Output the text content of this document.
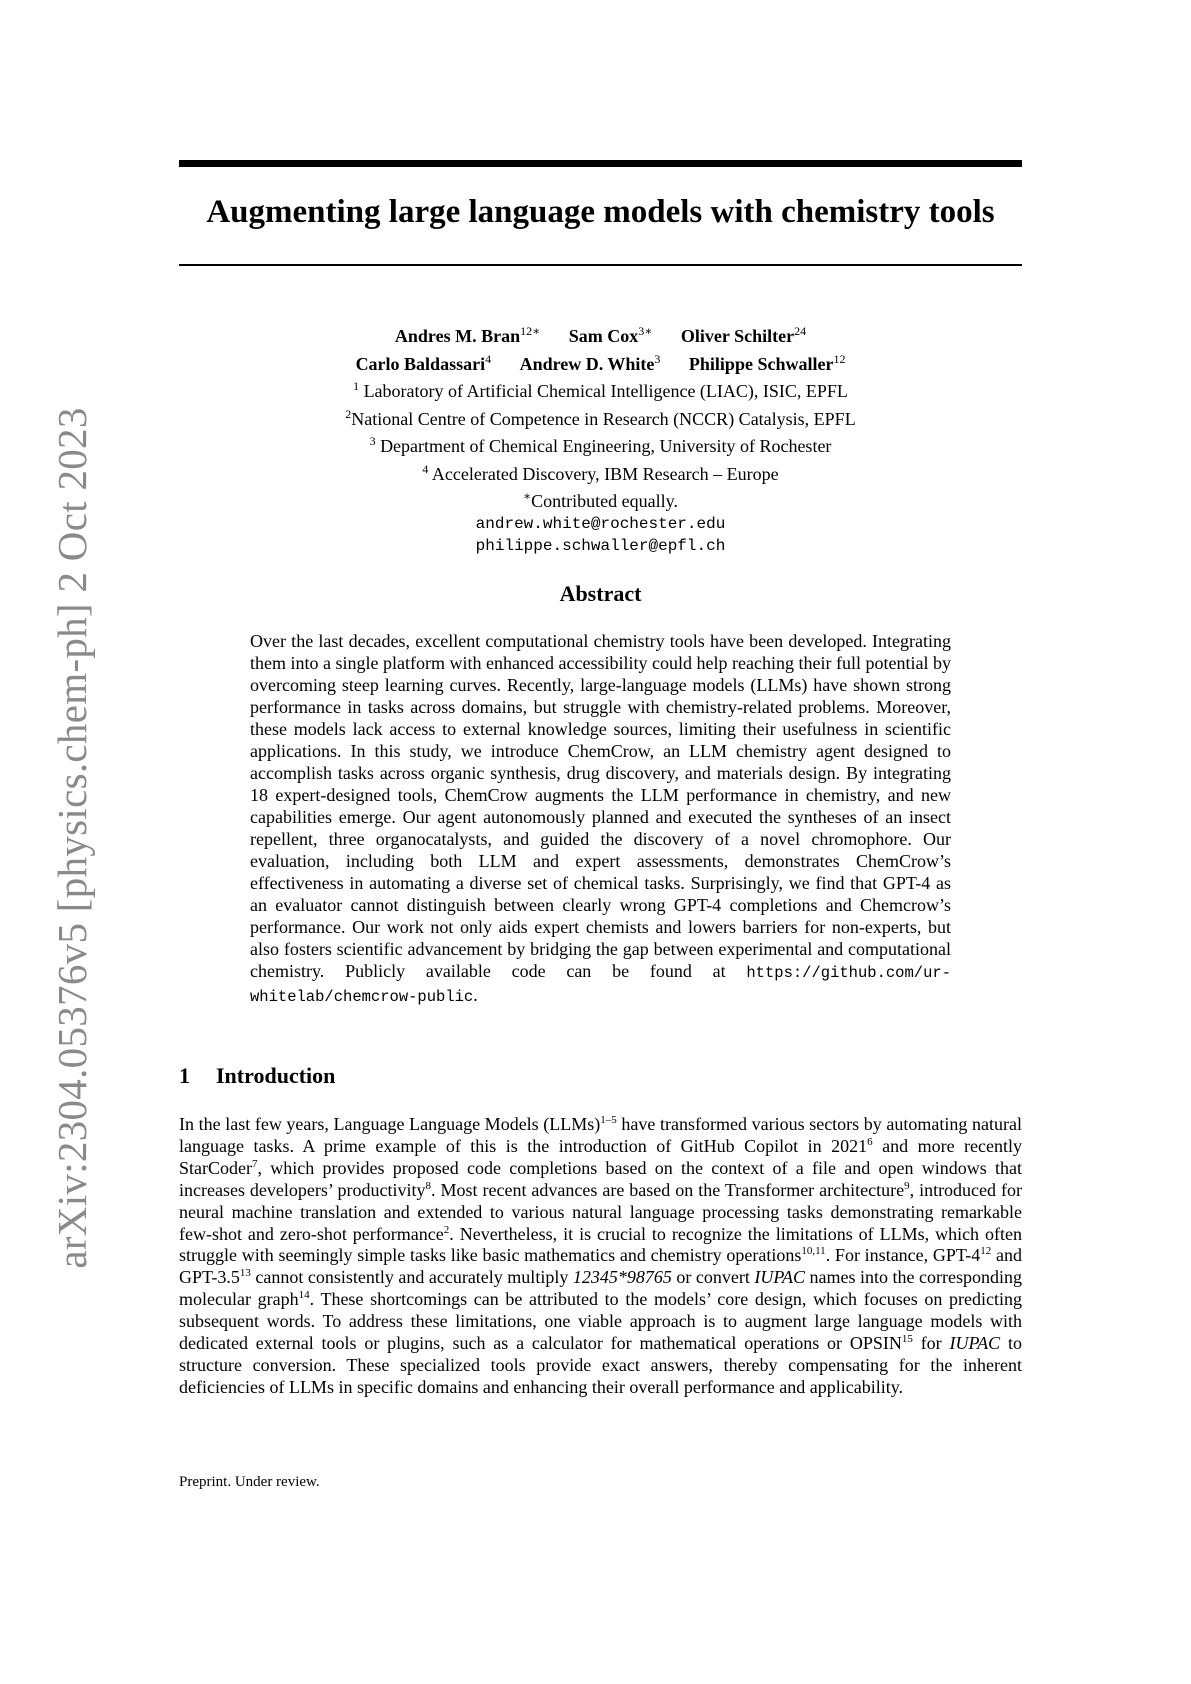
arXiv:2304.05376v5 [physics.chem-ph] 2 Oct 2023
Augmenting large language models with chemistry tools
Andres M. Bran$^{12∗}$ Sam Cox$^{3∗}$ Oliver Schilter$^{24}$
Carlo Baldassari$^4$ Andrew D. White$^3$ Philippe Schwaller$^{12}$
$^1$ Laboratory of Artificial Chemical Intelligence (LIAC), ISIC, EPFL
$^2$National Centre of Competence in Research (NCCR) Catalysis, EPFL
$^3$ Department of Chemical Engineering, University of Rochester
$^4$ Accelerated Discovery, IBM Research – Europe
∗Contributed equally.
andrew.white@rochester.edu
philippe.schwaller@epfl.ch
Abstract

Over the last decades, excellent computational chemistry tools have been developed. Integrating them into a single platform with enhanced accessibility could help reaching their full potential by overcoming steep learning curves. Recently, large-language models (LLMs) have shown strong performance in tasks across domains, but struggle with chemistry-related problems. Moreover, these models lack access to external knowledge sources, limiting their usefulness in scientific applications. In this study, we introduce ChemCrow, an LLM chemistry agent designed to accomplish tasks across organic synthesis, drug discovery, and materials design. By integrating 18 expert-designed tools, ChemCrow augments the LLM performance in chemistry, and new capabilities emerge. Our agent autonomously planned and executed the syntheses of an insect repellent, three organocatalysts, and guided the discovery of a novel chromophore. Our evaluation, including both LLM and expert assessments, demonstrates ChemCrow’s effectiveness in automating a diverse set of chemical tasks. Surprisingly, we find that GPT-4 as an evaluator cannot distinguish between clearly wrong GPT-4 completions and Chemcrow’s performance. Our work not only aids expert chemists and lowers barriers for non-experts, but also fosters scientific advancement by bridging the gap between experimental and computational chemistry. Publicly available code can be found at https://github.com/ur-whitelab/chemcrow-public.

1 Introduction

In the last few years, Language Language Models (LLMs)$^{1-5}$ have transformed various sectors by automating natural language tasks. A prime example of this is the introduction of GitHub Copilot in 2021$^6$ and more recently StarCoder$^7$, which provides proposed code completions based on the context of a file and open windows that increases developers’ productivity$^8$. Most recent advances are based on the Transformer architecture$^9$, introduced for neural machine translation and extended to various natural language processing tasks demonstrating remarkable few-shot and zero-shot performance$^2$. Nevertheless, it is crucial to recognize the limitations of LLMs, which often struggle with seemingly simple tasks like basic mathematics and chemistry operations$^{10,11}$. For instance, GPT-$4^{12}$ and GPT-$3.5^{13}$ cannot consistently and accurately multiply 12345*98765 or convert IUPAC names into the corresponding molecular graph$^{14}$. These shortcomings can be attributed to the models’ core design, which focuses on predicting subsequent words. To address these limitations, one viable approach is to augment large language models with dedicated external tools or plugins, such as a calculator for mathematical operations or OPSIN$^{15}$ for IUPAC to structure conversion. These specialized tools provide exact answers, thereby compensating for the inherent deficiencies of LLMs in specific domains and enhancing their overall performance and applicability.

Preprint. Under review.
